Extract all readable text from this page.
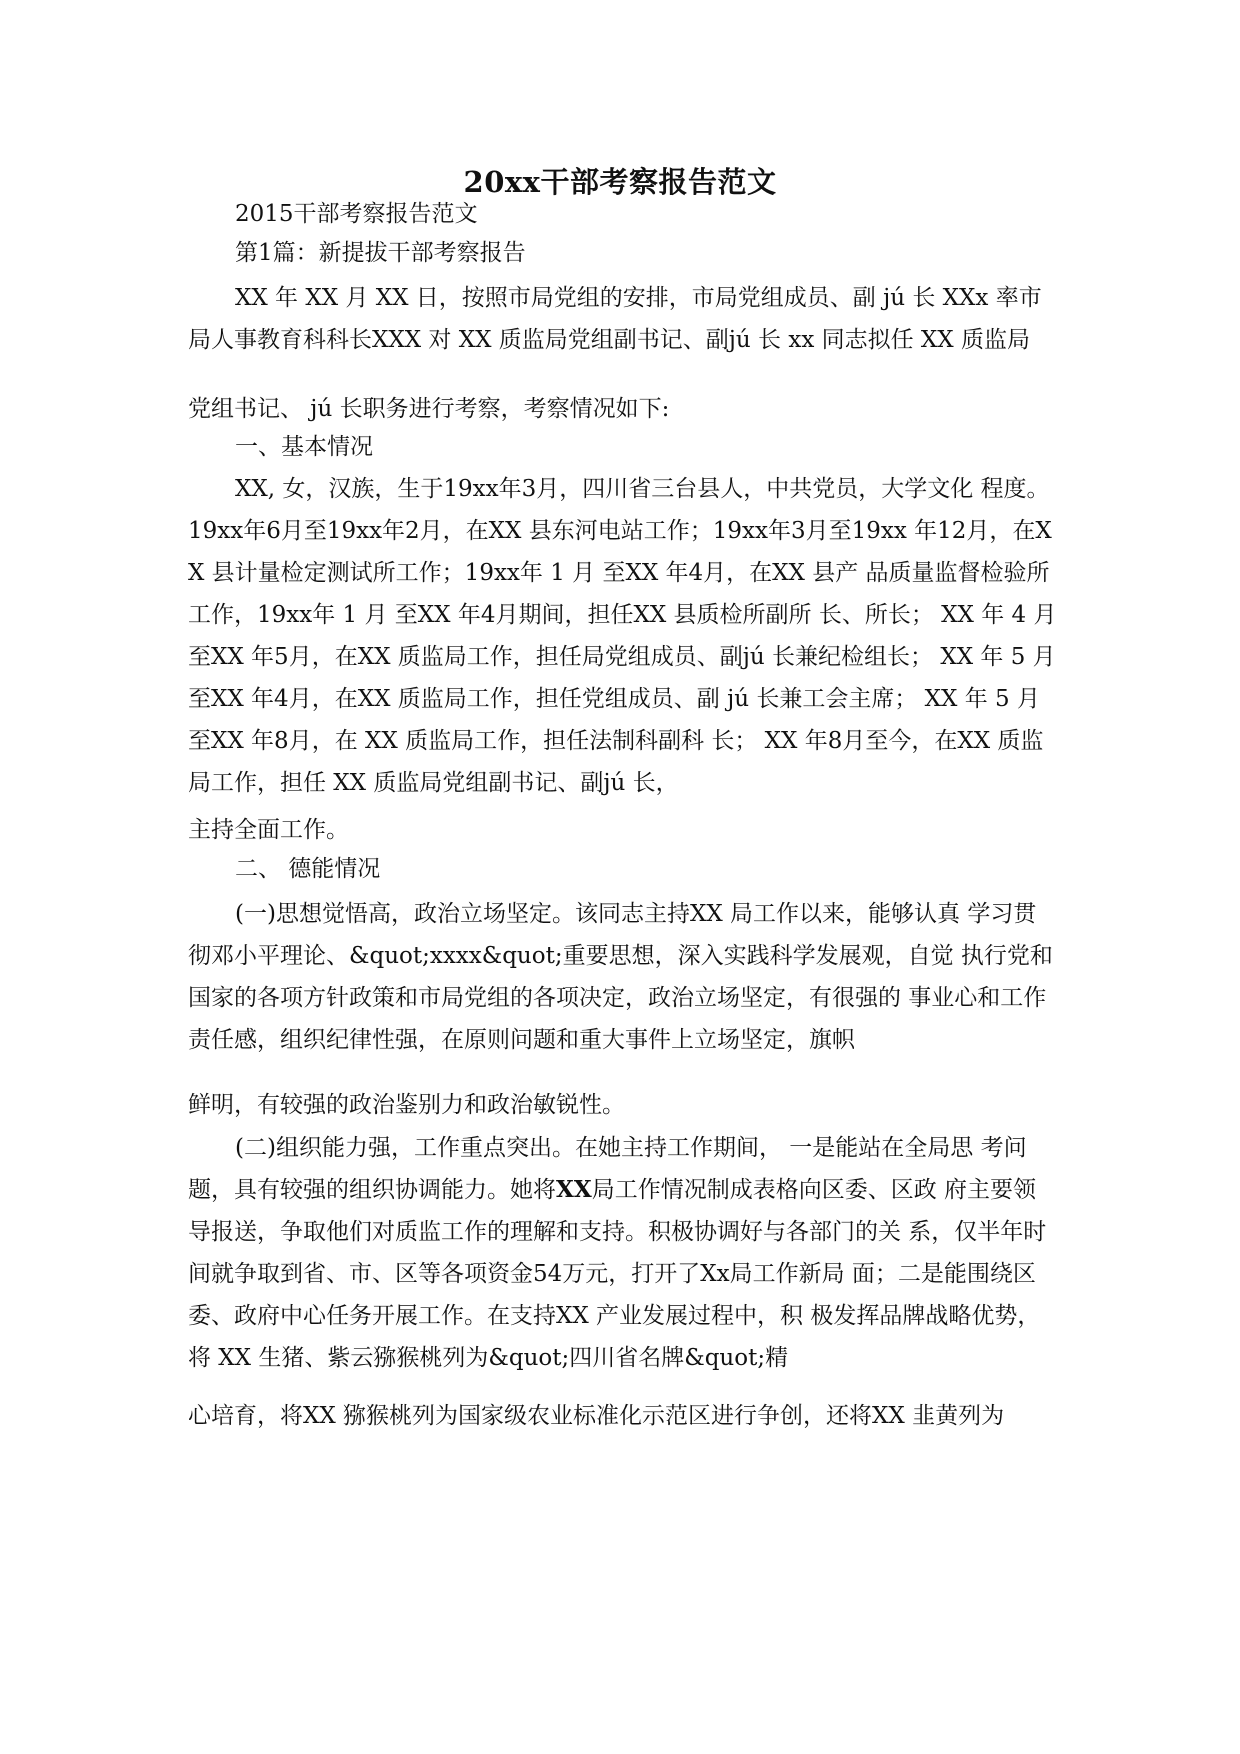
20xx干部考察报告范文
2015干部考察报告范文
第1篇：新提拔干部考察报告
XX 年 XX 月 XX 日，按照市局党组的安排，市局党组成员、副 jú 长 XXx 率市 局人事教育科科长XXX 对 XX 质监局党组副书记、副jú 长 xx 同志拟任 XX 质监局
党组书记、 jú 长职务进行考察，考察情况如下:
一、基本情况
XX, 女，汉族，生于19xx年3月，四川省三台县人，中共党员，大学文化 程度。19xx年6月至19xx年2月，在XX 县东河电站工作；19xx年3月至19xx 年12月，在XX 县计量检定测试所工作；19xx年 1 月 至XX 年4月，在XX 县产 品质量监督检验所工作，19xx年 1 月 至XX 年4月期间，担任XX 县质检所副所 长、所长； XX 年 4 月 至XX 年5月，在XX 质监局工作，担任局党组成员、副jú 长兼纪检组长； XX 年 5 月 至XX 年4月，在XX 质监局工作，担任党组成员、副 jú 长兼工会主席； XX 年 5 月 至XX 年8月，在 XX 质监局工作，担任法制科副科 长； XX 年8月至今，在XX 质监局工作，担任 XX 质监局党组副书记、副jú 长，
主持全面工作。
二、 德能情况
(一)思想觉悟高，政治立场坚定。该同志主持XX 局工作以来，能够认真 学习贯彻邓小平理论、&quot;xxxx&quot;重要思想，深入实践科学发展观，自觉 执行党和国家的各项方针政策和市局党组的各项决定，政治立场坚定，有很强的 事业心和工作责任感，组织纪律性强，在原则问题和重大事件上立场坚定，旗帜
鲜明，有较强的政治鉴别力和政治敏锐性。
(二)组织能力强，工作重点突出。在她主持工作期间， 一是能站在全局思 考问题，具有较强的组织协调能力。她将XX局工作情况制成表格向区委、区政 府主要领导报送，争取他们对质监工作的理解和支持。积极协调好与各部门的关 系，仅半年时间就争取到省、市、区等各项资金54万元，打开了Xx局工作新局 面；二是能围绕区委、政府中心任务开展工作。在支持XX 产业发展过程中，积 极发挥品牌战略优势，将 XX 生猪、紫云猕猴桃列为&quot;四川省名牌&quot;精
心培育，将XX 猕猴桃列为国家级农业标准化示范区进行争创，还将XX 韭黄列为
